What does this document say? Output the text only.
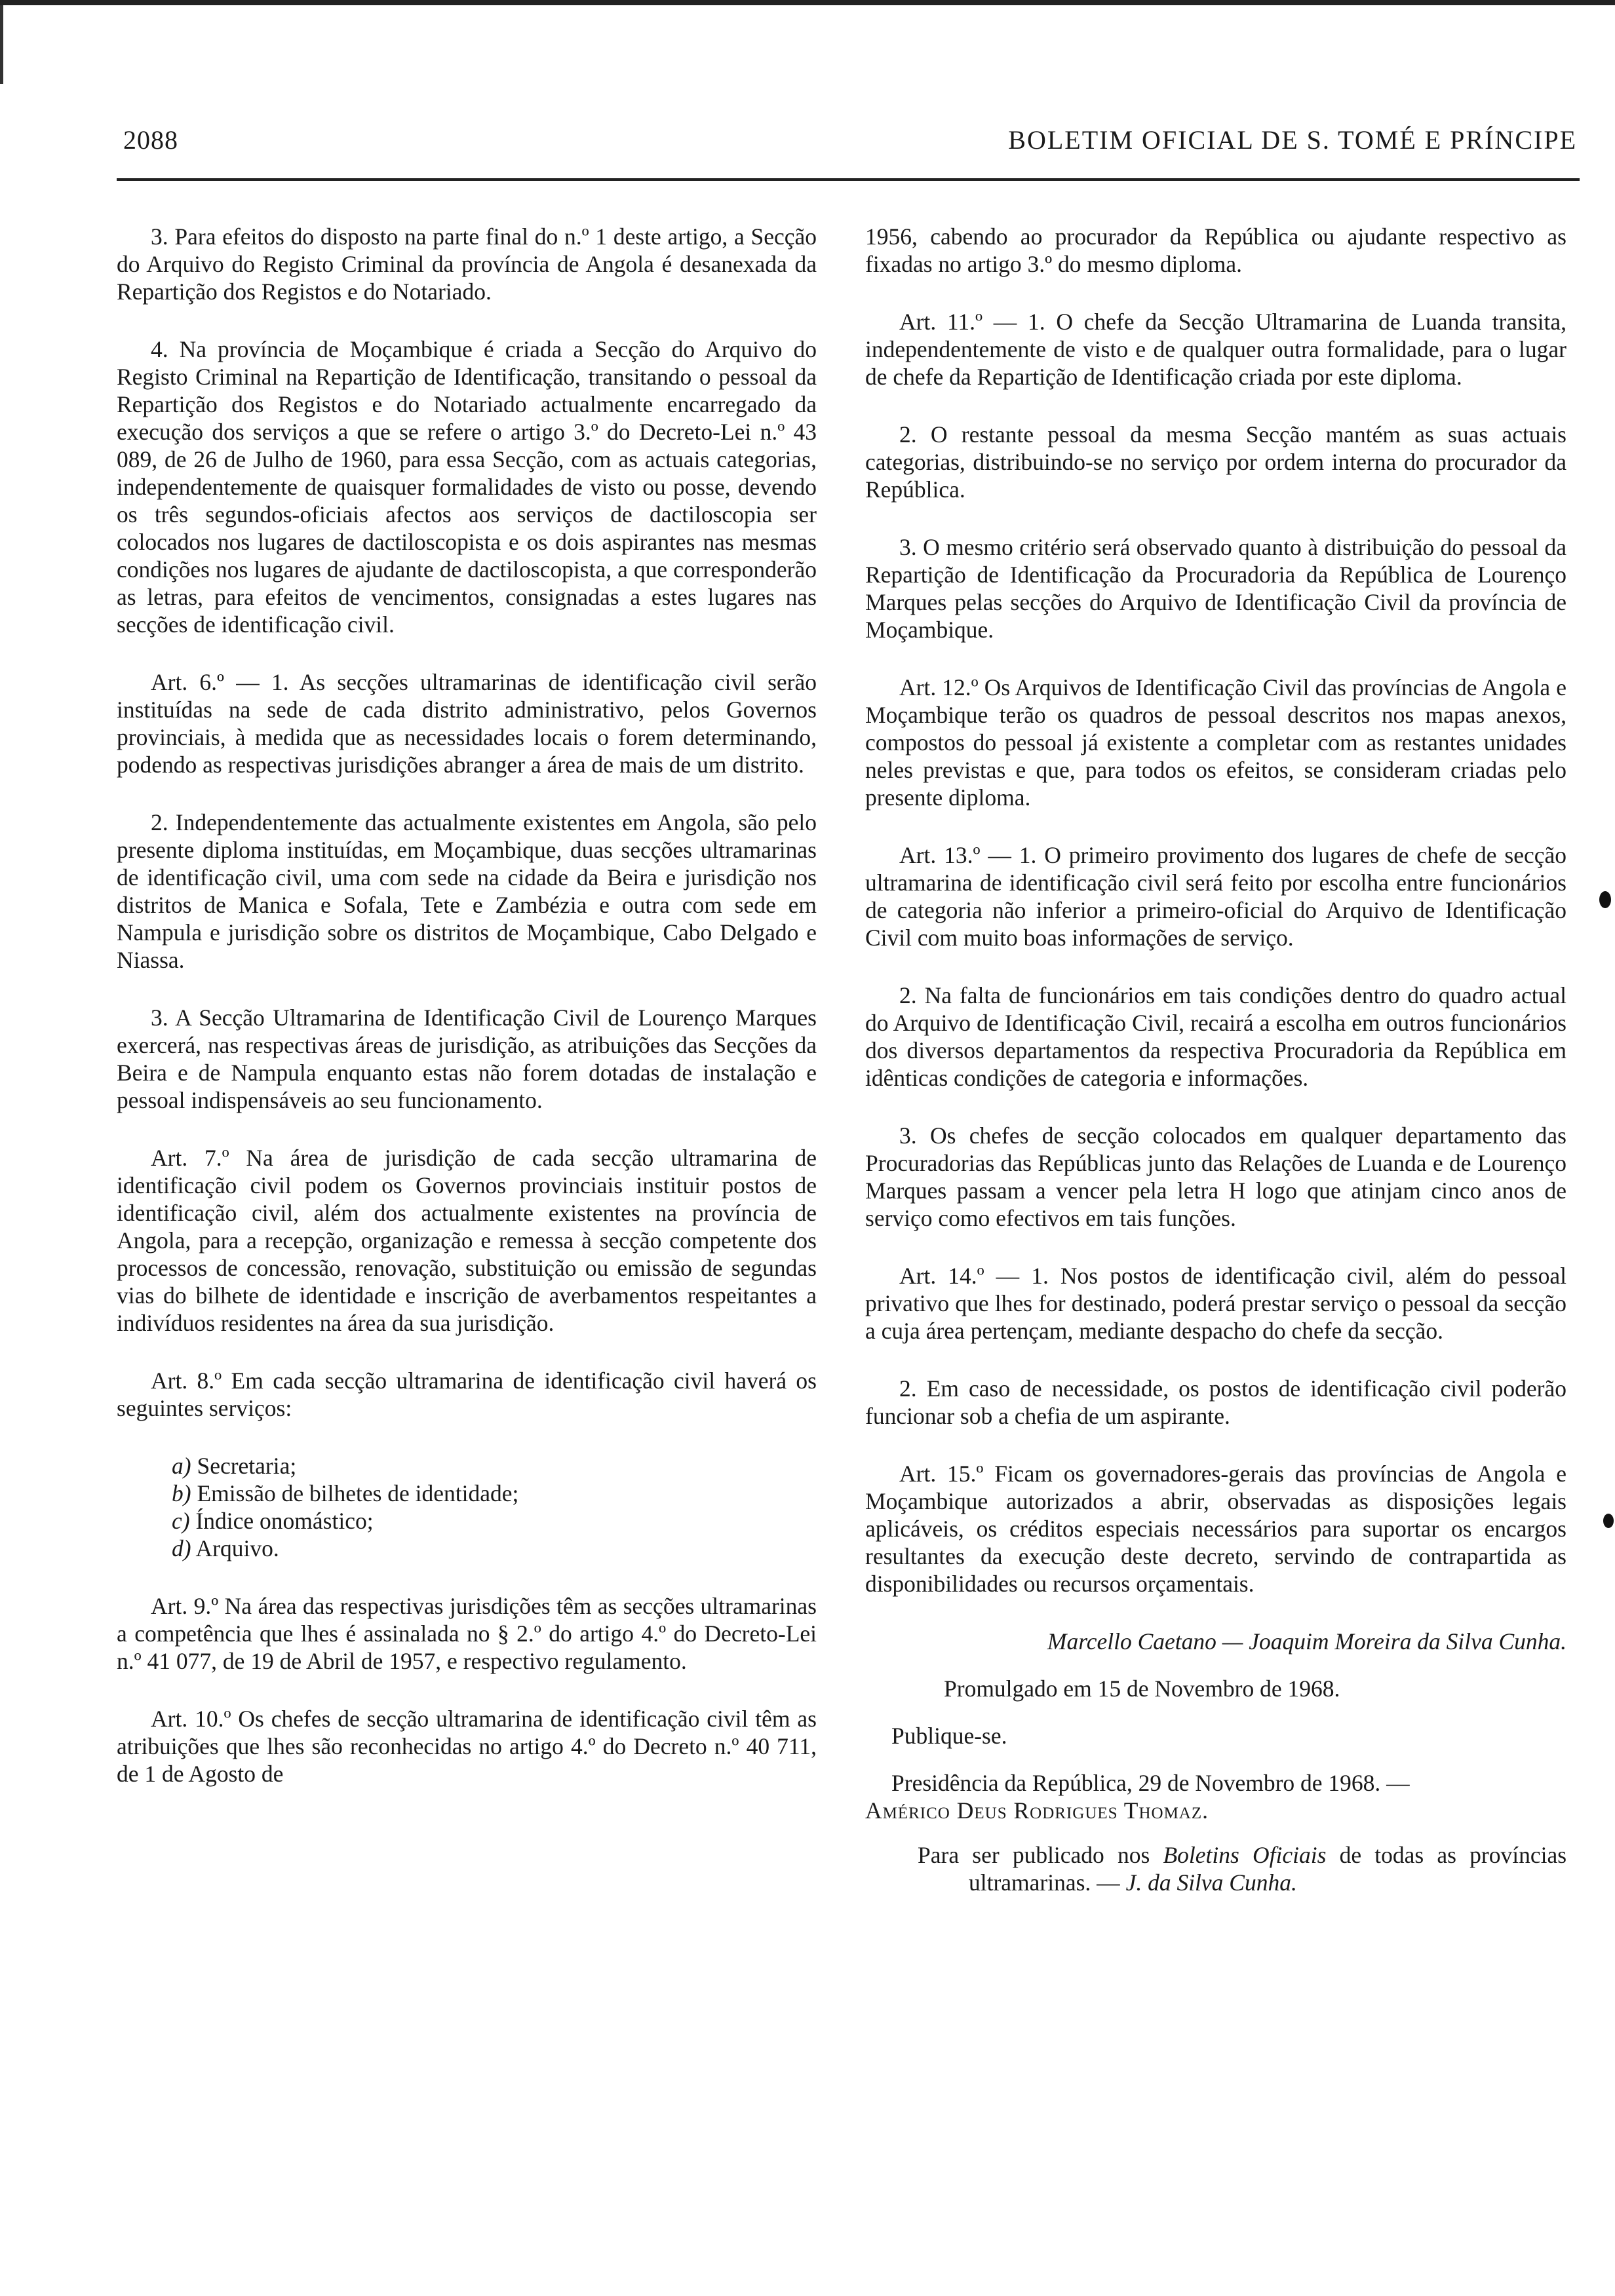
2088	BOLETIM OFICIAL DE S. TOMÉ E PRÍNCIPE

3. Para efeitos do disposto na parte final do n.º 1 deste artigo, a Secção do Arquivo do Registo Criminal da província de Angola é desanexada da Repartição dos Registos e do Notariado.

4. Na província de Moçambique é criada a Secção do Arquivo do Registo Criminal na Repartição de Identificação, transitando o pessoal da Repartição dos Registos e do Notariado actualmente encarregado da execução dos serviços a que se refere o artigo 3.º do Decreto-Lei n.º 43 089, de 26 de Julho de 1960, para essa Secção, com as actuais categorias, independentemente de quaisquer formalidades de visto ou posse, devendo os três segundos-oficiais afectos aos serviços de dactiloscopia ser colocados nos lugares de dactiloscopista e os dois aspirantes nas mesmas condições nos lugares de ajudante de dactiloscopista, a que corresponderão as letras, para efeitos de vencimentos, consignadas a estes lugares nas secções de identificação civil.

Art. 6.º — 1. As secções ultramarinas de identificação civil serão instituídas na sede de cada distrito administrativo, pelos Governos provinciais, à medida que as necessidades locais o forem determinando, podendo as respectivas jurisdições abranger a área de mais de um distrito.

2. Independentemente das actualmente existentes em Angola, são pelo presente diploma instituídas, em Moçambique, duas secções ultramarinas de identificação civil, uma com sede na cidade da Beira e jurisdição nos distritos de Manica e Sofala, Tete e Zambézia e outra com sede em Nampula e jurisdição sobre os distritos de Moçambique, Cabo Delgado e Niassa.

3. A Secção Ultramarina de Identificação Civil de Lourenço Marques exercerá, nas respectivas áreas de jurisdição, as atribuições das Secções da Beira e de Nampula enquanto estas não forem dotadas de instalação e pessoal indispensáveis ao seu funcionamento.

Art. 7.º Na área de jurisdição de cada secção ultramarina de identificação civil podem os Governos provinciais instituir postos de identificação civil, além dos actualmente existentes na província de Angola, para a recepção, organização e remessa à secção competente dos processos de concessão, renovação, substituição ou emissão de segundas vias do bilhete de identidade e inscrição de averbamentos respeitantes a indivíduos residentes na área da sua jurisdição.

Art. 8.º Em cada secção ultramarina de identificação civil haverá os seguintes serviços:

a) Secretaria;
b) Emissão de bilhetes de identidade;
c) Índice onomástico;
d) Arquivo.

Art. 9.º Na área das respectivas jurisdições têm as secções ultramarinas a competência que lhes é assinalada no § 2.º do artigo 4.º do Decreto-Lei n.º 41 077, de 19 de Abril de 1957, e respectivo regulamento.

Art. 10.º Os chefes de secção ultramarina de identificação civil têm as atribuições que lhes são reconhecidas no artigo 4.º do Decreto n.º 40 711, de 1 de Agosto de

1956, cabendo ao procurador da República ou ajudante respectivo as fixadas no artigo 3.º do mesmo diploma.

Art. 11.º — 1. O chefe da Secção Ultramarina de Luanda transita, independentemente de visto e de qualquer outra formalidade, para o lugar de chefe da Repartição de Identificação criada por este diploma.

2. O restante pessoal da mesma Secção mantém as suas actuais categorias, distribuindo-se no serviço por ordem interna do procurador da República.

3. O mesmo critério será observado quanto à distribuição do pessoal da Repartição de Identificação da Procuradoria da República de Lourenço Marques pelas secções do Arquivo de Identificação Civil da província de Moçambique.

Art. 12.º Os Arquivos de Identificação Civil das províncias de Angola e Moçambique terão os quadros de pessoal descritos nos mapas anexos, compostos do pessoal já existente a completar com as restantes unidades neles previstas e que, para todos os efeitos, se consideram criadas pelo presente diploma.

Art. 13.º — 1. O primeiro provimento dos lugares de chefe de secção ultramarina de identificação civil será feito por escolha entre funcionários de categoria não inferior a primeiro-oficial do Arquivo de Identificação Civil com muito boas informações de serviço.

2. Na falta de funcionários em tais condições dentro do quadro actual do Arquivo de Identificação Civil, recairá a escolha em outros funcionários dos diversos departamentos da respectiva Procuradoria da República em idênticas condições de categoria e informações.

3. Os chefes de secção colocados em qualquer departamento das Procuradorias das Repúblicas junto das Relações de Luanda e de Lourenço Marques passam a vencer pela letra H logo que atinjam cinco anos de serviço como efectivos em tais funções.

Art. 14.º — 1. Nos postos de identificação civil, além do pessoal privativo que lhes for destinado, poderá prestar serviço o pessoal da secção a cuja área pertençam, mediante despacho do chefe da secção.

2. Em caso de necessidade, os postos de identificação civil poderão funcionar sob a chefia de um aspirante.

Art. 15.º Ficam os governadores-gerais das províncias de Angola e Moçambique autorizados a abrir, observadas as disposições legais aplicáveis, os créditos especiais necessários para suportar os encargos resultantes da execução deste decreto, servindo de contrapartida as disponibilidades ou recursos orçamentais.

Marcello Caetano — Joaquim Moreira da Silva Cunha.

Promulgado em 15 de Novembro de 1968.

Publique-se.

Presidência da República, 29 de Novembro de 1968. —

Américo Deus Rodrigues Thomaz.

Para ser publicado nos Boletins Oficiais de todas as províncias ultramarinas. — J. da Silva Cunha.
